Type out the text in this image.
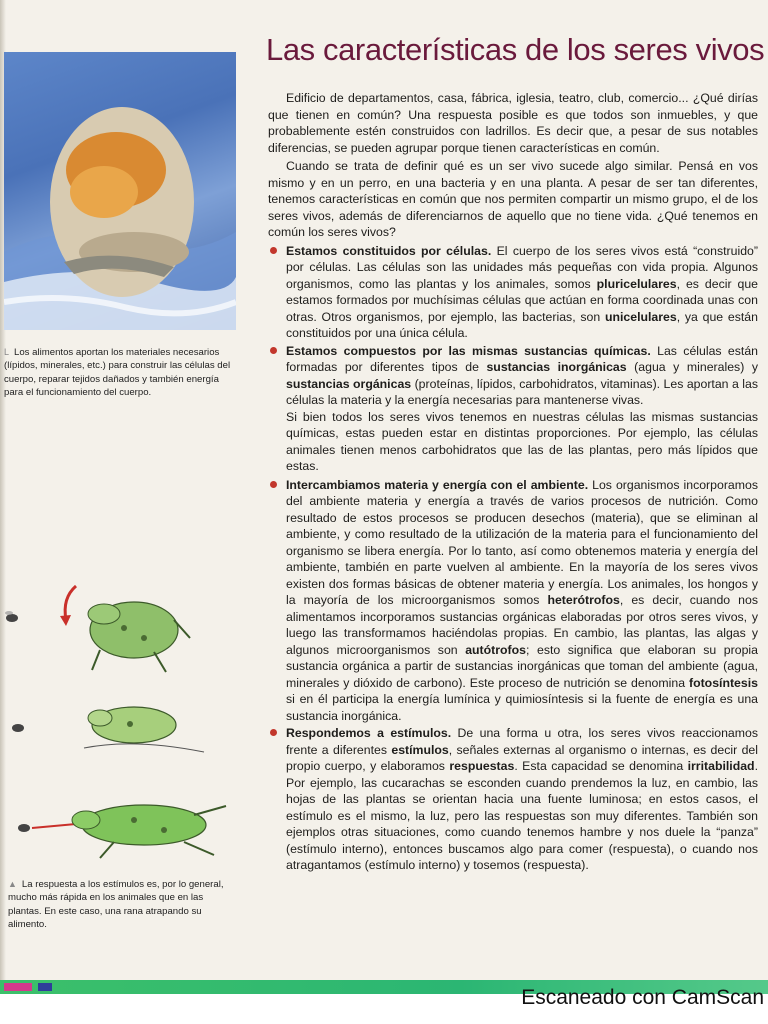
L Los alimentos aportan los materiales necesarios (lípidos, minerales, etc.) para construir las células del cuerpo, reparar tejidos dañados y también energía para el funcionamiento del cuerpo.
▲ La respuesta a los estímulos es, por lo general, mucho más rápida en los animales que en las plantas. En este caso, una rana atrapando su alimento.
Las características de los seres vivos

Edificio de departamentos, casa, fábrica, iglesia, teatro, club, comercio... ¿Qué dirías que tienen en común? Una respuesta posible es que todos son inmuebles, y que probablemente estén construidos con ladrillos. Es decir que, a pesar de sus notables diferencias, se pueden agrupar porque tienen características en común.

Cuando se trata de definir qué es un ser vivo sucede algo similar. Pensá en vos mismo y en un perro, en una bacteria y en una planta. A pesar de ser tan diferentes, tenemos características en común que nos permiten compartir un mismo grupo, el de los seres vivos, además de diferenciarnos de aquello que no tiene vida. ¿Qué tenemos en común los seres vivos?

Estamos constituidos por células. El cuerpo de los seres vivos está “construido” por células. Las células son las unidades más pequeñas con vida propia. Algunos organismos, como las plantas y los animales, somos pluricelulares, es decir que estamos formados por muchísimas células que actúan en forma coordinada unas con otras. Otros organismos, por ejemplo, las bacterias, son unicelulares, ya que están constituidos por una única célula.

Estamos compuestos por las mismas sustancias químicas. Las células están formadas por diferentes tipos de sustancias inorgánicas (agua y minerales) y sustancias orgánicas (proteínas, lípidos, carbohidratos, vitaminas). Les aportan a las células la materia y la energía necesarias para mantenerse vivas.

Si bien todos los seres vivos tenemos en nuestras células las mismas sustancias químicas, estas pueden estar en distintas proporciones. Por ejemplo, las células animales tienen menos carbohidratos que las de las plantas, pero más lípidos que estas.

Intercambiamos materia y energía con el ambiente. Los organismos incorporamos del ambiente materia y energía a través de varios procesos de nutrición. Como resultado de estos procesos se producen desechos (materia), que se eliminan al ambiente, y como resultado de la utilización de la materia para el funcionamiento del organismo se libera energía. Por lo tanto, así como obtenemos materia y energía del ambiente, también en parte vuelven al ambiente. En la mayoría de los seres vivos existen dos formas básicas de obtener materia y energía. Los animales, los hongos y la mayoría de los microorganismos somos heterótrofos, es decir, cuando nos alimentamos incorporamos sustancias orgánicas elaboradas por otros seres vivos, y luego las transformamos haciéndolas propias. En cambio, las plantas, las algas y algunos microorganismos son autótrofos; esto significa que elaboran su propia sustancia orgánica a partir de sustancias inorgánicas que toman del ambiente (agua, minerales y dióxido de carbono). Este proceso de nutrición se denomina fotosíntesis si en él participa la energía lumínica y quimiosíntesis si la fuente de energía es una sustancia inorgánica.

Respondemos a estímulos. De una forma u otra, los seres vivos reaccionamos frente a diferentes estímulos, señales externas al organismo o internas, es decir del propio cuerpo, y elaboramos respuestas. Esta capacidad se denomina irritabilidad. Por ejemplo, las cucarachas se esconden cuando prendemos la luz, en cambio, las hojas de las plantas se orientan hacia una fuente luminosa; en estos casos, el estímulo es el mismo, la luz, pero las respuestas son muy diferentes. También son ejemplos otras situaciones, como cuando tenemos hambre y nos duele la “panza” (estímulo interno), entonces buscamos algo para comer (respuesta), o cuando nos atragantamos (estímulo interno) y tosemos (respuesta).

Escaneado con CamScan
